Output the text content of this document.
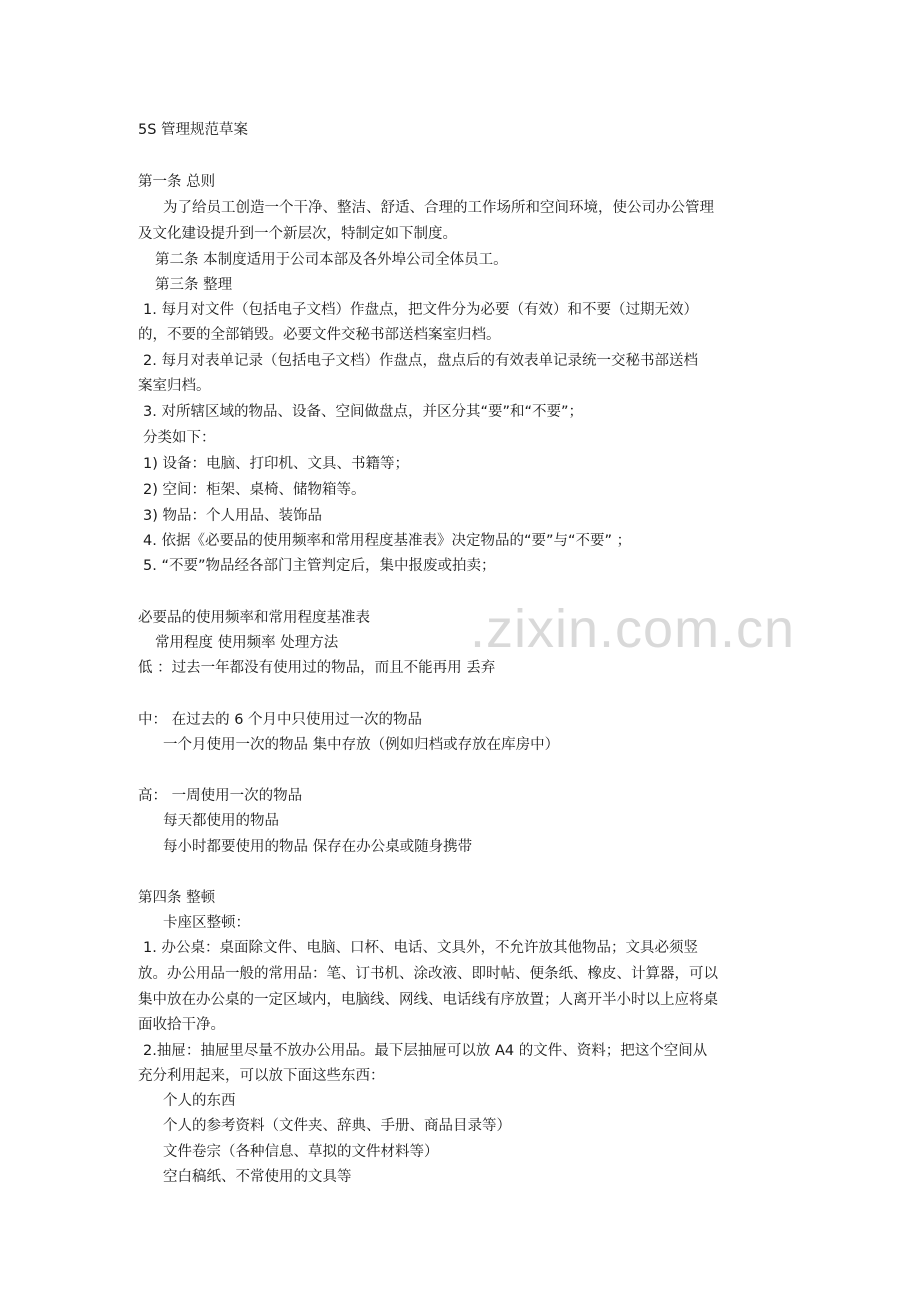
.zixin.com.cn
5S 管理规范草案
第一条 总则
为了给员工创造一个干净、整洁、舒适、合理的工作场所和空间环境，使公司办公管理
及文化建设提升到一个新层次，特制定如下制度。
第二条 本制度适用于公司本部及各外埠公司全体员工。
第三条 整理
1. 每月对文件（包括电子文档）作盘点，把文件分为必要（有效）和不要（过期无效）
的，不要的全部销毁。必要文件交秘书部送档案室归档。
2. 每月对表单记录（包括电子文档）作盘点，盘点后的有效表单记录统一交秘书部送档
案室归档。
3. 对所辖区域的物品、设备、空间做盘点，并区分其“要”和“不要”；
分类如下：
1) 设备：电脑、打印机、文具、书籍等；
2) 空间：柜架、桌椅、储物箱等。
3) 物品：个人用品、装饰品
4. 依据《必要品的使用频率和常用程度基准表》决定物品的“要”与“不要” ；
5. “不要”物品经各部门主管判定后，集中报废或拍卖；
必要品的使用频率和常用程度基准表
常用程度 使用频率 处理方法
低 ：过去一年都没有使用过的物品，而且不能再用 丢弃
中： 在过去的 6 个月中只使用过一次的物品
一个月使用一次的物品 集中存放（例如归档或存放在库房中）
高： 一周使用一次的物品
每天都使用的物品
每小时都要使用的物品 保存在办公桌或随身携带
第四条 整顿
卡座区整顿：
1. 办公桌：桌面除文件、电脑、口杯、电话、文具外，不允许放其他物品；文具必须竖
放。办公用品一般的常用品：笔、订书机、涂改液、即时帖、便条纸、橡皮、计算器，可以
集中放在办公桌的一定区域内，电脑线、网线、电话线有序放置；人离开半小时以上应将桌
面收拾干净。
2.抽屉：抽屉里尽量不放办公用品。最下层抽屉可以放 A4 的文件、资料；把这个空间从
充分利用起来，可以放下面这些东西：
个人的东西
个人的参考资料（文件夹、辞典、手册、商品目录等）
文件卷宗（各种信息、草拟的文件材料等）
空白稿纸、不常使用的文具等
